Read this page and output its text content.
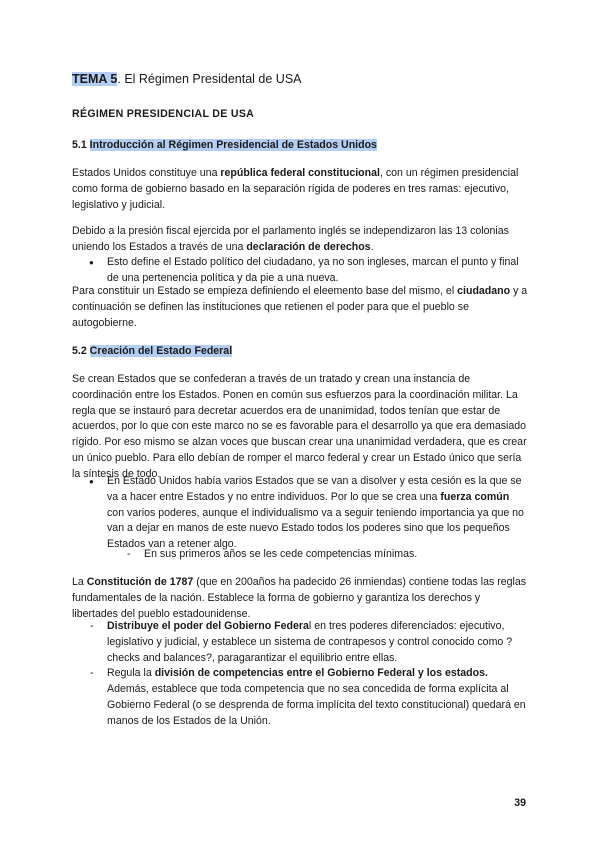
TEMA 5. El Régimen Presidental de USA

RÉGIMEN PRESIDENCIAL DE USA

5.1 Introducción al Régimen Presidencial de Estados Unidos

Estados Unidos constituye una república federal constitucional, con un régimen presidencial como forma de gobierno basado en la separación rígida de poderes en tres ramas: ejecutivo, legislativo y judicial.

Debido a la presión fiscal ejercida por el parlamento inglés se independizaron las 13 colonias uniendo los Estados a través de una declaración de derechos.

● Esto define el Estado político del ciudadano, ya no son ingleses, marcan el punto y final de una pertenencia política y da pie a una nueva.

Para constituir un Estado se empieza definiendo el eleemento base del mismo, el ciudadano y a continuación se definen las instituciones que retienen el poder para que el pueblo se autogobierne.

5.2 Creación del Estado Federal

Se crean Estados que se confederan a través de un tratado y crean una instancia de coordinación entre los Estados. Ponen en común sus esfuerzos para la coordinación militar. La regla que se instauró para decretar acuerdos era de unanimidad, todos tenían que estar de acuerdos, por lo que con este marco no se es favorable para el desarrollo ya que era demasiado rígido. Por eso mismo se alzan voces que buscan crear una unanimidad verdadera, que es crear un único pueblo. Para ello debían de romper el marco federal y crear un Estado único que sería la síntesis de todo.

● En Estado Unidos había varios Estados que se van a disolver y esta cesión es la que se va a hacer entre Estados y no entre individuos. Por lo que se crea una fuerza común con varios poderes, aunque el individualismo va a seguir teniendo importancia ya que no van a dejar en manos de este nuevo Estado todos los poderes sino que los pequeños Estados van a retener algo.
- En sus primeros años se les cede competencias mínimas.

La Constitución de 1787 (que en 200años ha padecido 26 inmiendas) contiene todas las reglas fundamentales de la nación. Establece la forma de gobierno y garantiza los derechos y libertades del pueblo estadounidense.

- Distribuye el poder del Gobierno Federal en tres poderes diferenciados: ejecutivo, legislativo y judicial, y establece un sistema de contrapesos y control conocido como ?checks and balances?, paragarantizar el equilibrio entre ellas.
- Regula la división de competencias entre el Gobierno Federal y los estados. Además, establece que toda competencia que no sea concedida de forma explícita al Gobierno Federal (o se desprenda de forma implícita del texto constitucional) quedará en manos de los Estados de la Unión.
39
